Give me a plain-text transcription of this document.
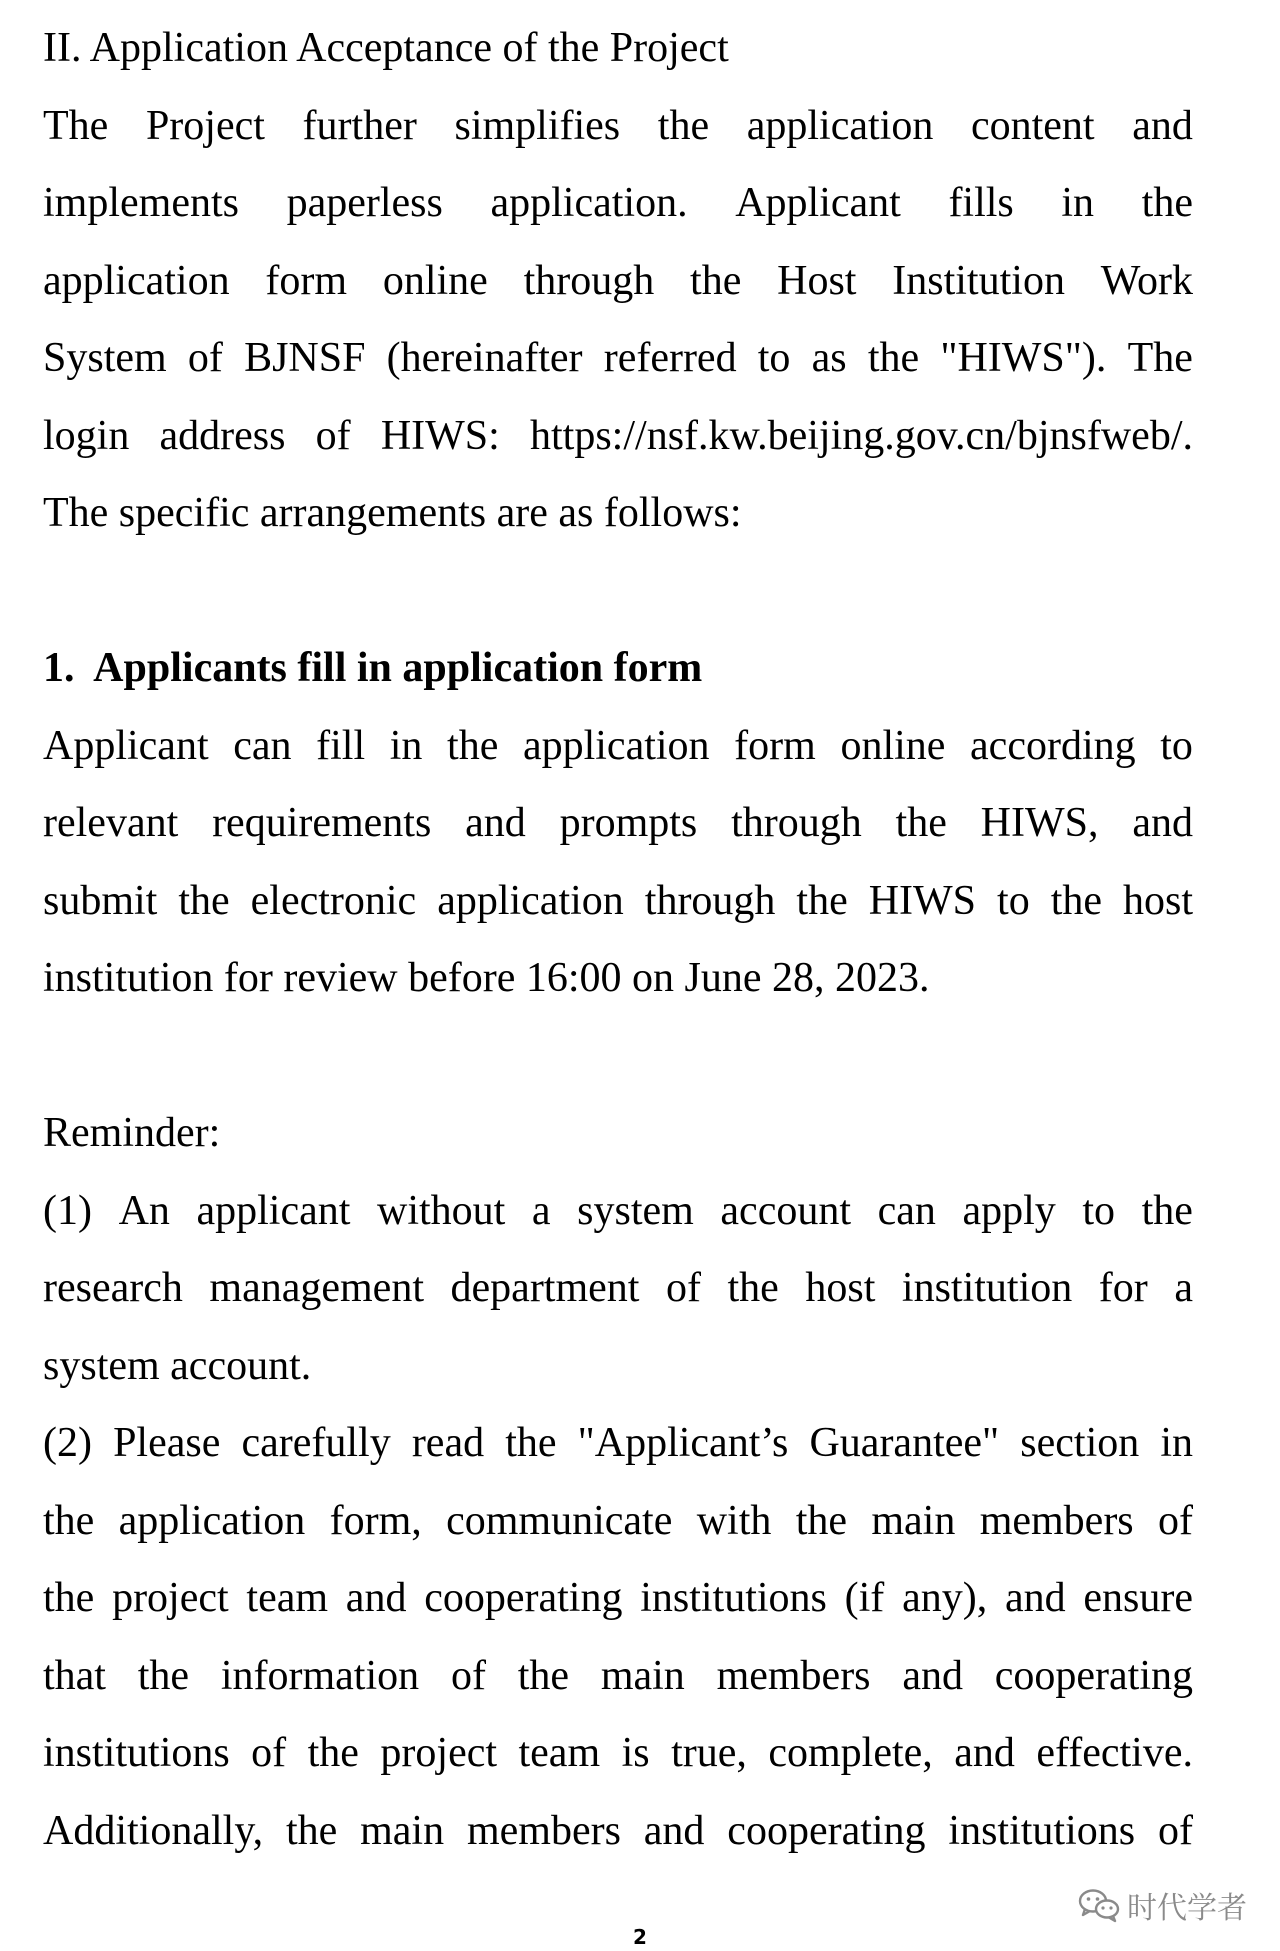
II. Application Acceptance of the Project
The Project further simplifies the application content and
implements paperless application. Applicant fills in the
application form online through the Host Institution Work
System of BJNSF (hereinafter referred to as the "HIWS"). The
login address of HIWS: https://nsf.kw.beijing.gov.cn/bjnsfweb/.
The specific arrangements are as follows:
1.  Applicants fill in application form
Applicant can fill in the application form online according to
relevant requirements and prompts through the HIWS, and
submit the electronic application through the HIWS to the host
institution for review before 16:00 on June 28, 2023.
Reminder:
(1) An applicant without a system account can apply to the
research management department of the host institution for a
system account.
(2) Please carefully read the "Applicant’s Guarantee" section in
the application form, communicate with the main members of
the project team and cooperating institutions (if any), and ensure
that the information of the main members and cooperating
institutions of the project team is true, complete, and effective.
Additionally, the main members and cooperating institutions of
时代学者
2
